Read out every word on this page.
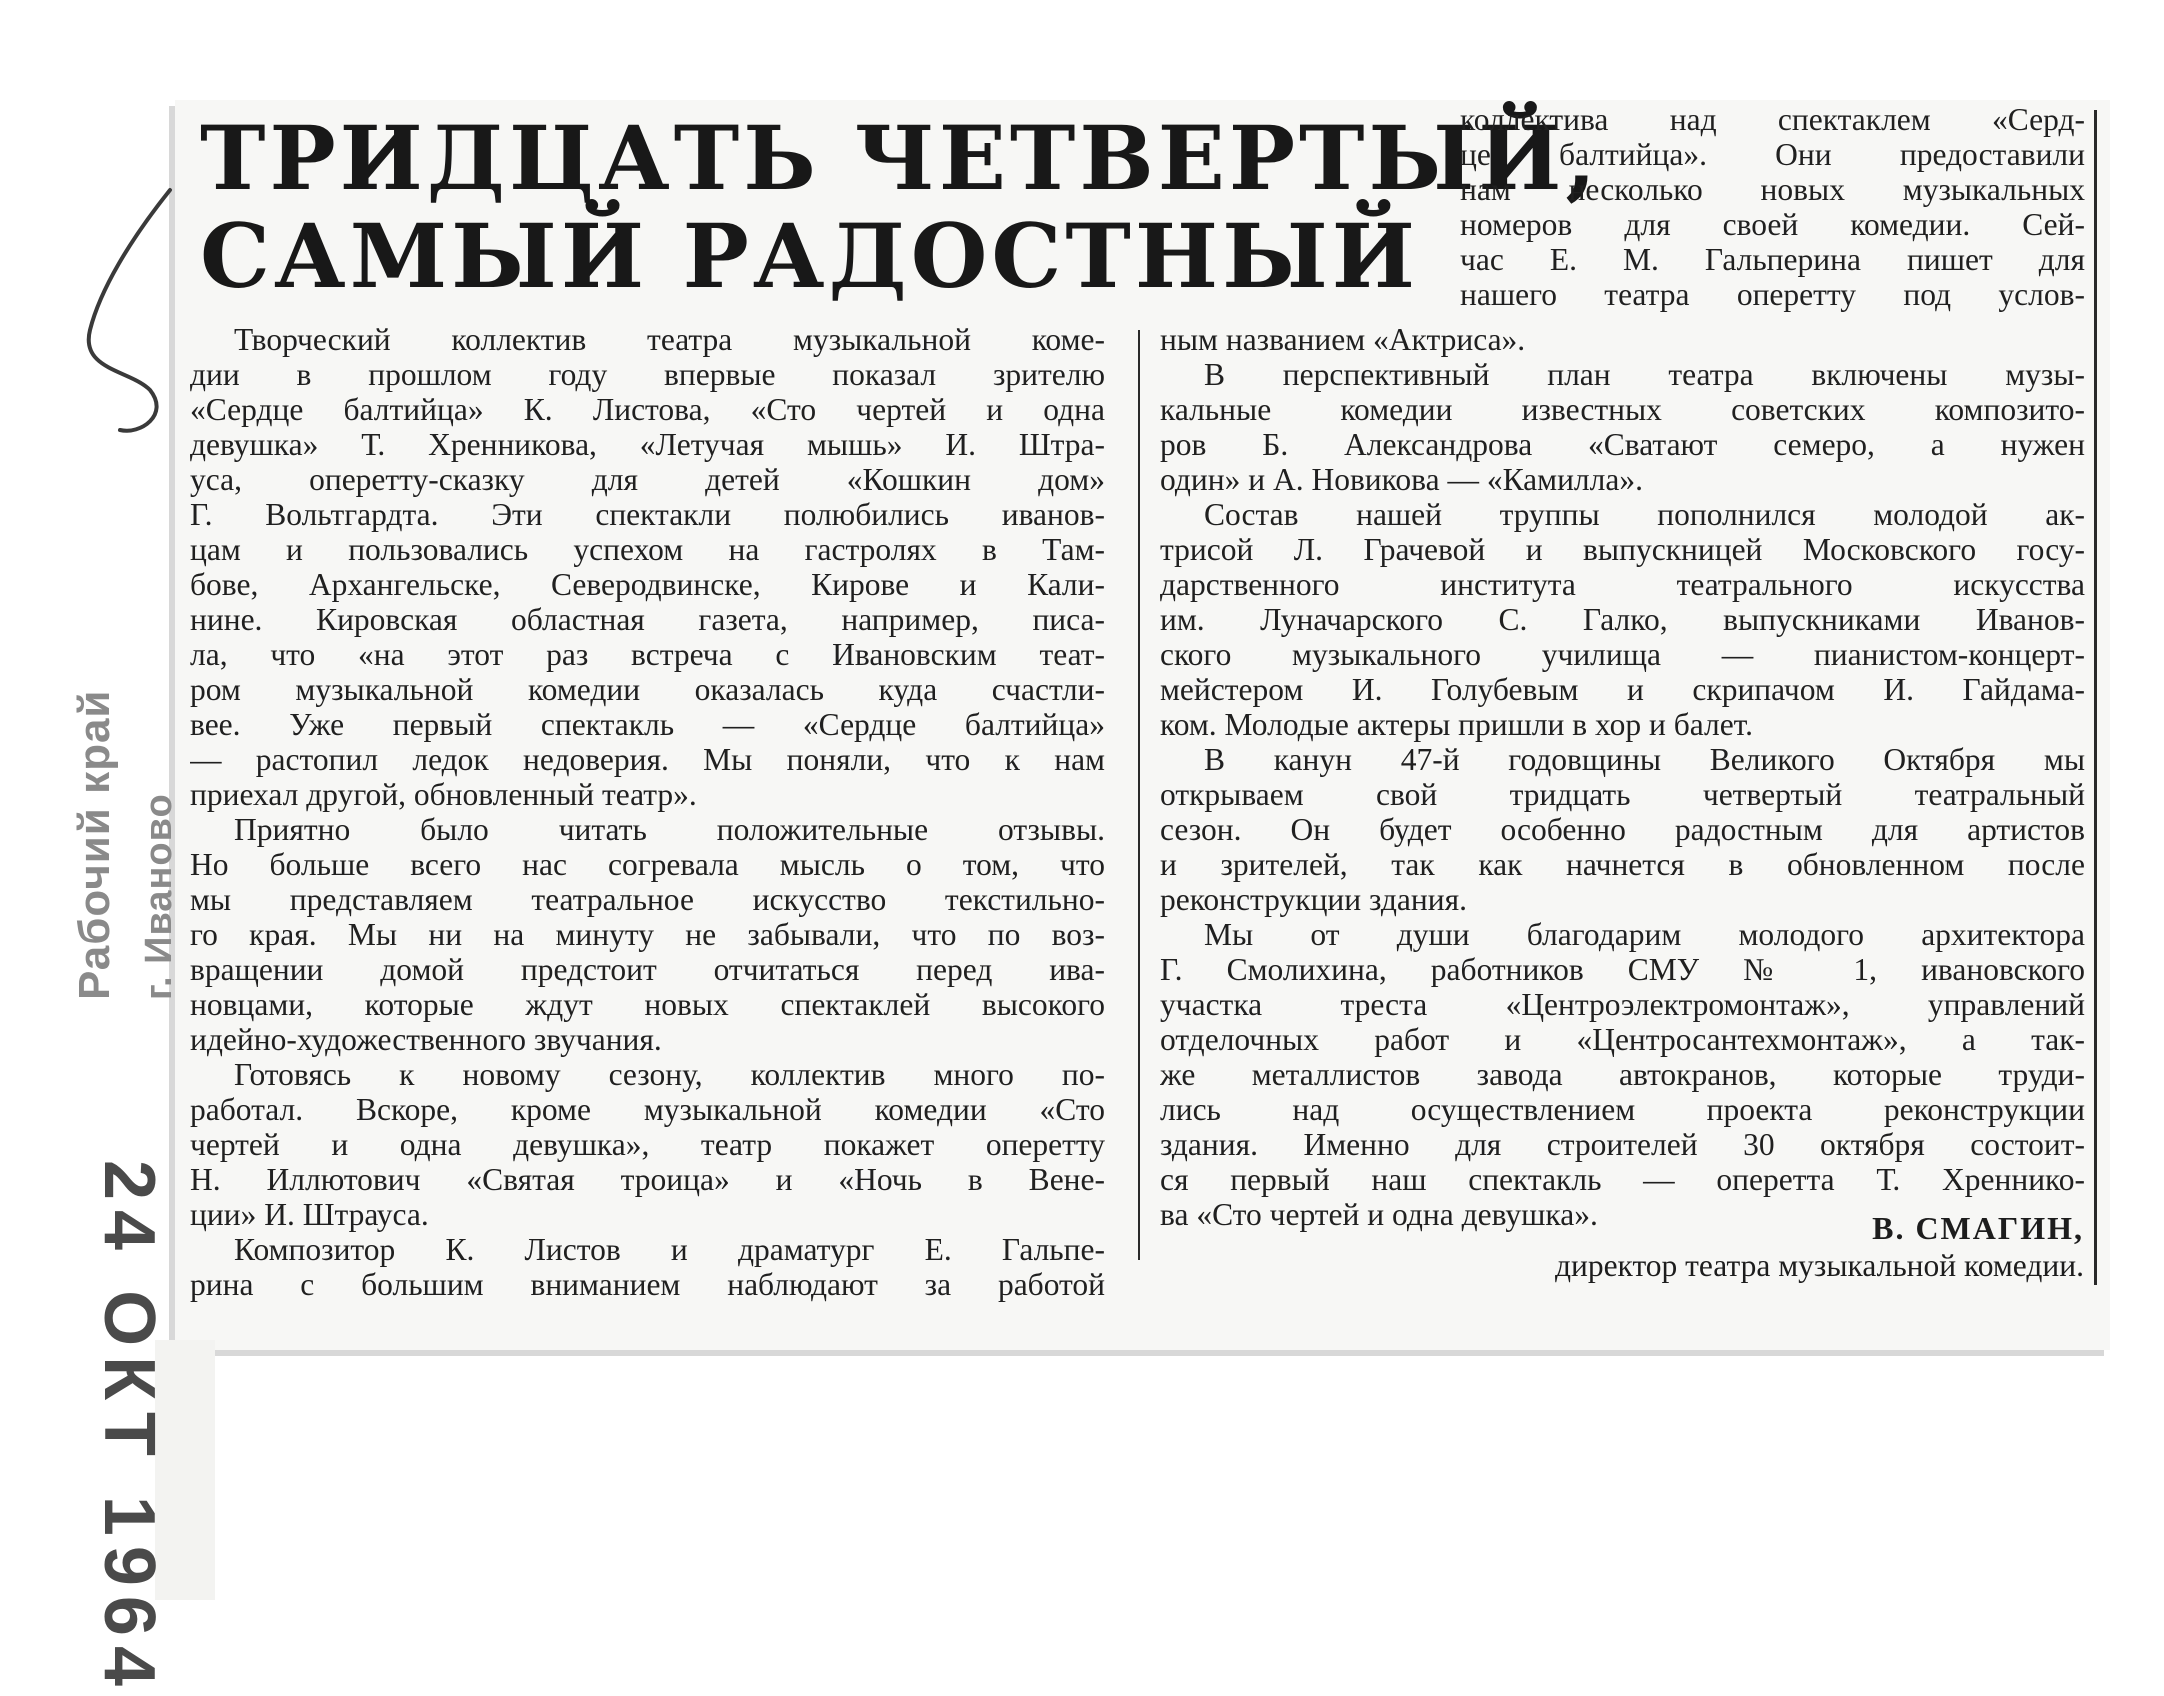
Рабочий край г. Иваново
24 ОКТ 1964
ТРИДЦАТЬ ЧЕТВЕРТЫЙ,
САМЫЙ РАДОСТНЫЙ
коллектива над спектаклем «Серд-
це балтийца». Они предоставили
нам несколько новых музыкальных
номеров для своей комедии. Сей-
час Е. М. Гальперина пишет для
нашего театра оперетту под услов-
Творческий коллектив театра музыкальной коме-
дии в прошлом году впервые показал зрителю
«Сердце балтийца» К. Листова, «Сто чертей и одна
девушка» Т. Хренникова, «Летучая мышь» И. Штра-
уса, оперетту-сказку для детей «Кошкин дом»
Г. Вольтгардта. Эти спектакли полюбились иванов-
цам и пользовались успехом на гастролях в Там-
бове, Архангельске, Северодвинске, Кирове и Кали-
нине. Кировская областная газета, например, писа-
ла, что «на этот раз встреча с Ивановским теат-
ром музыкальной комедии оказалась куда счастли-
вее. Уже первый спектакль — «Сердце балтийца»
— растопил ледок недоверия. Мы поняли, что к нам
приехал другой, обновленный театр».
Приятно было читать положительные отзывы.
Но больше всего нас согревала мысль о том, что
мы представляем театральное искусство текстильно-
го края. Мы ни на минуту не забывали, что по воз-
вращении домой предстоит отчитаться перед ива-
новцами, которые ждут новых спектаклей высокого
идейно-художественного звучания.
Готовясь к новому сезону, коллектив много по-
работал. Вскоре, кроме музыкальной комедии «Сто
чертей и одна девушка», театр покажет оперетту
Н. Иллютович «Святая троица» и «Ночь в Вене-
ции» И. Штрауса.
Композитор К. Листов и драматург Е. Гальпе-
рина с большим вниманием наблюдают за работой
ным названием «Актриса».
В перспективный план театра включены музы-
кальные комедии известных советских композито-
ров Б. Александрова «Сватают семеро, а нужен
один» и А. Новикова — «Камилла».
Состав нашей труппы пополнился молодой ак-
трисой Л. Грачевой и выпускницей Московского госу-
дарственного института театрального искусства
им. Луначарского С. Галко, выпускниками Иванов-
ского музыкального училища — пианистом-концерт-
мейстером И. Голубевым и скрипачом И. Гайдама-
ком. Молодые актеры пришли в хор и балет.
В канун 47-й годовщины Великого Октября мы
открываем свой тридцать четвертый театральный
сезон. Он будет особенно радостным для артистов
и зрителей, так как начнется в обновленном после
реконструкции здания.
Мы от души благодарим молодого архитектора
Г. Смолихина, работников СМУ № 1, ивановского
участка треста «Центроэлектромонтаж», управлений
отделочных работ и «Центросантехмонтаж», а так-
же металлистов завода автокранов, которые труди-
лись над осуществлением проекта реконструкции
здания. Именно для строителей 30 октября состоит-
ся первый наш спектакль — оперетта Т. Хреннико-
ва «Сто чертей и одна девушка».	В. СМАГИН,
директор театра музыкальной комедии.
